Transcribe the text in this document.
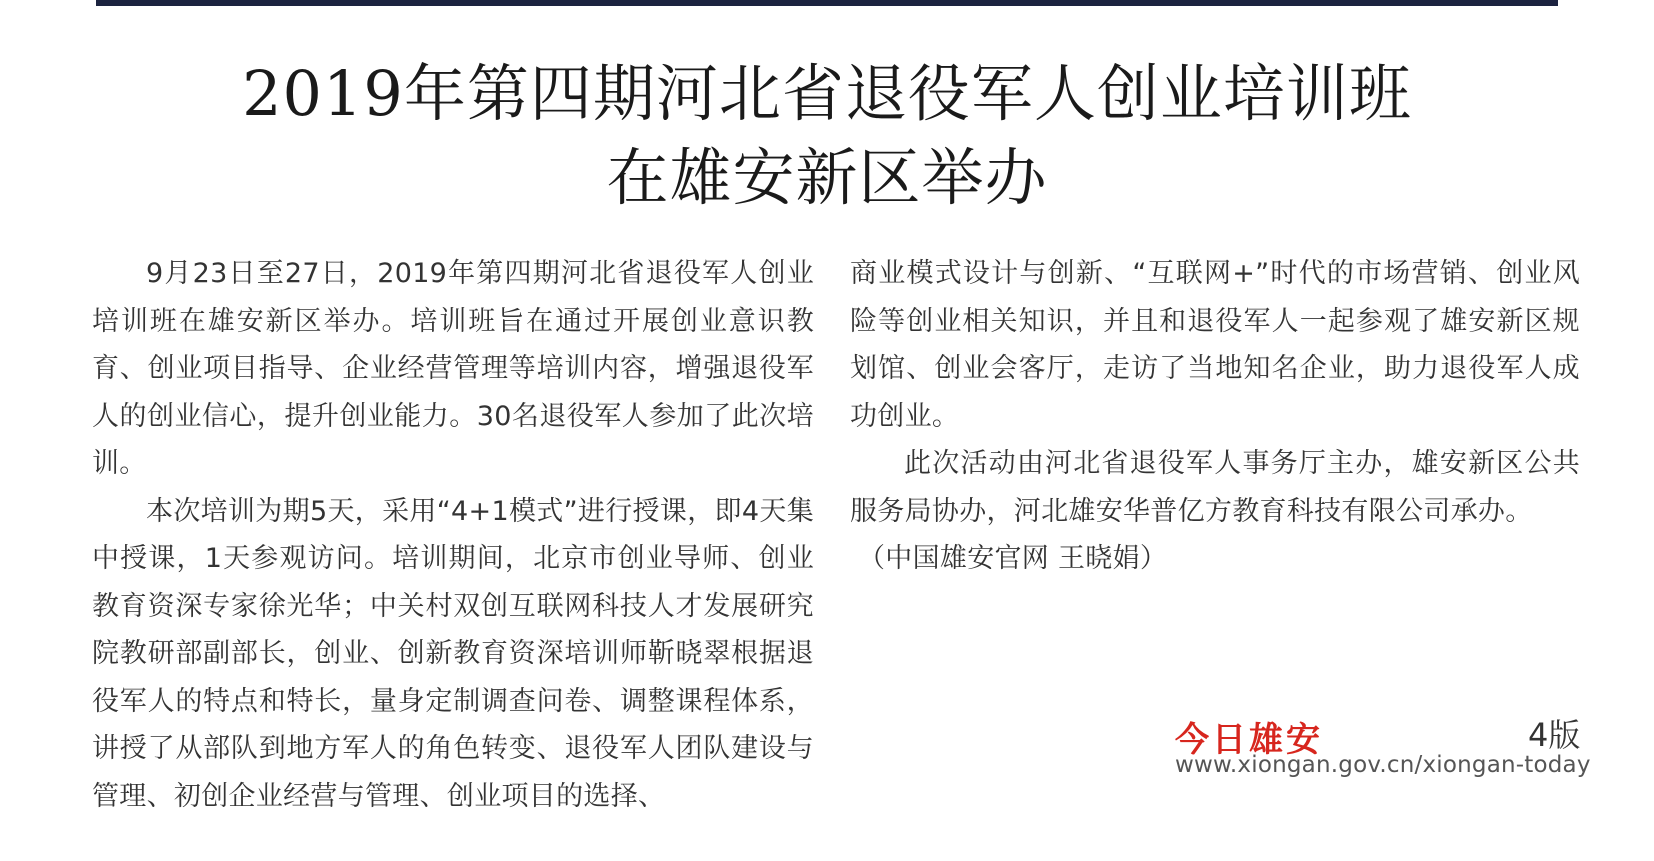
2019年第四期河北省退役军人创业培训班
在雄安新区举办

9月23日至27日，2019年第四期河北省退役军人创业培训班在雄安新区举办。培训班旨在通过开展创业意识教育、创业项目指导、企业经营管理等培训内容，增强退役军人的创业信心，提升创业能力。30名退役军人参加了此次培训。

本次培训为期5天，采用“4+1模式”进行授课，即4天集中授课，1天参观访问。培训期间，北京市创业导师、创业教育资深专家徐光华；中关村双创互联网科技人才发展研究院教研部副部长，创业、创新教育资深培训师靳晓翠根据退役军人的特点和特长，量身定制调查问卷、调整课程体系，讲授了从部队到地方军人的角色转变、退役军人团队建设与管理、初创企业经营与管理、创业项目的选择、

商业模式设计与创新、“互联网+”时代的市场营销、创业风险等创业相关知识，并且和退役军人一起参观了雄安新区规划馆、创业会客厅，走访了当地知名企业，助力退役军人成功创业。

此次活动由河北省退役军人事务厅主办，雄安新区公共服务局协办，河北雄安华普亿方教育科技有限公司承办。

（中国雄安官网 王晓娟）

今日雄安	4版
www.xiongan.gov.cn/xiongan-today
